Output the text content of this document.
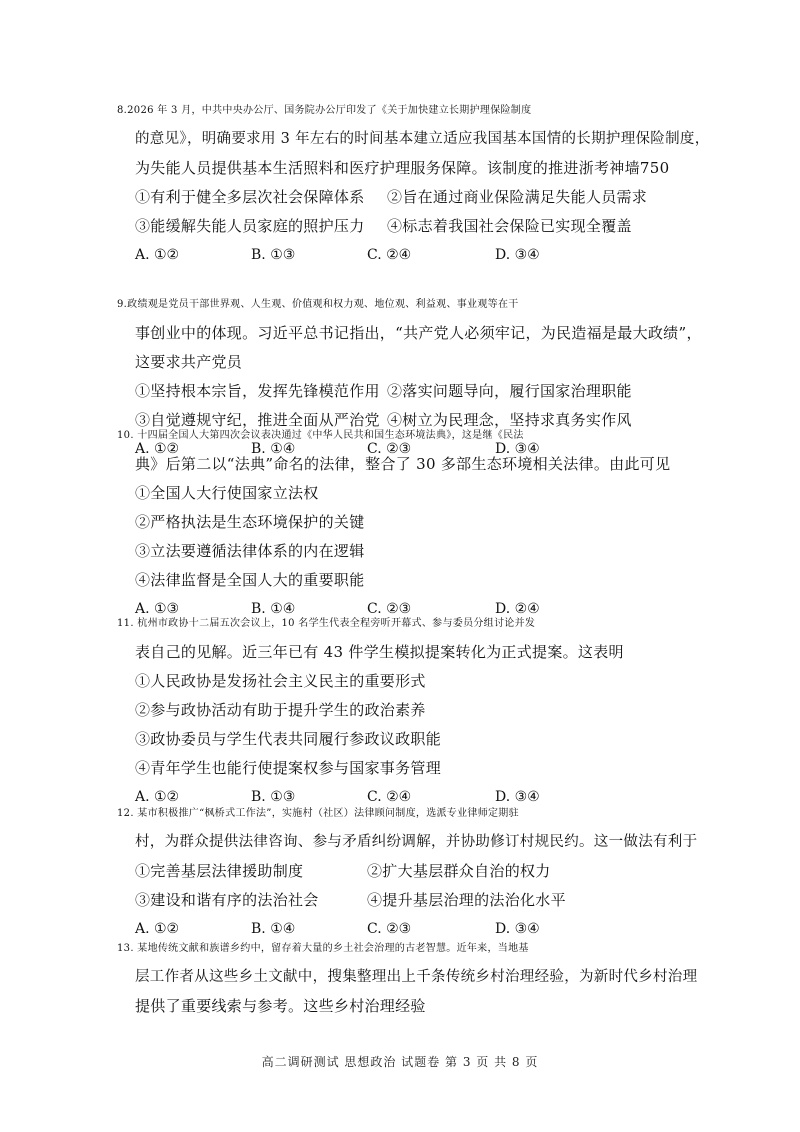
8.2026 年 3 月，中共中央办公厅、国务院办公厅印发了《关于加快建立长期护理保险制度
的意见》，明确要求用 3 年左右的时间基本建立适应我国基本国情的长期护理保险制度，
为失能人员提供基本生活照料和医疗护理服务保障。该制度的推进浙考神墙750
①有利于健全多层次社会保障体系 ②旨在通过商业保险满足失能人员需求
③能缓解失能人员家庭的照护压力 ④标志着我国社会保险已实现全覆盖
A. ①②	B. ①③	C. ②④	D. ③④
9.政绩观是党员干部世界观、人生观、价值观和权力观、地位观、利益观、事业观等在干
事创业中的体现。习近平总书记指出，“共产党人必须牢记，为民造福是最大政绩”，
这要求共产党员
①坚持根本宗旨，发挥先锋模范作用 ②落实问题导向，履行国家治理职能
③自觉遵规守纪，推进全面从严治党 ④树立为民理念，坚持求真务实作风
A. ①②	B. ①④	C. ②③	D. ③④
10. 十四届全国人大第四次会议表决通过《中华人民共和国生态环境法典》，这是继《民法
典》后第二以“法典”命名的法律，整合了 30 多部生态环境相关法律。由此可见
①全国人大行使国家立法权
②严格执法是生态环境保护的关键
③立法要遵循法律体系的内在逻辑
④法律监督是全国人大的重要职能
A. ①③	B. ①④	C. ②③	D. ②④
11. 杭州市政协十二届五次会议上，10 名学生代表全程旁听开幕式、参与委员分组讨论并发
表自己的见解。近三年已有 43 件学生模拟提案转化为正式提案。这表明
①人民政协是发扬社会主义民主的重要形式
②参与政协活动有助于提升学生的政治素养
③政协委员与学生代表共同履行参政议政职能
④青年学生也能行使提案权参与国家事务管理
A. ①②	B. ①③	C. ②④	D. ③④
12. 某市积极推广“枫桥式工作法”，实施村（社区）法律顾问制度，选派专业律师定期驻
村，为群众提供法律咨询、参与矛盾纠纷调解，并协助修订村规民约。这一做法有利于
①完善基层法律援助制度	②扩大基层群众自治的权力
③建设和谐有序的法治社会	④提升基层治理的法治化水平
A. ①②	B. ①④	C. ②③	D. ③④
13. 某地传统文献和族谱乡约中，留存着大量的乡土社会治理的古老智慧。近年来，当地基
层工作者从这些乡土文献中，搜集整理出上千条传统乡村治理经验，为新时代乡村治理
提供了重要线索与参考。这些乡村治理经验
高二调研测试 思想政治 试题卷 第 3 页 共 8 页
